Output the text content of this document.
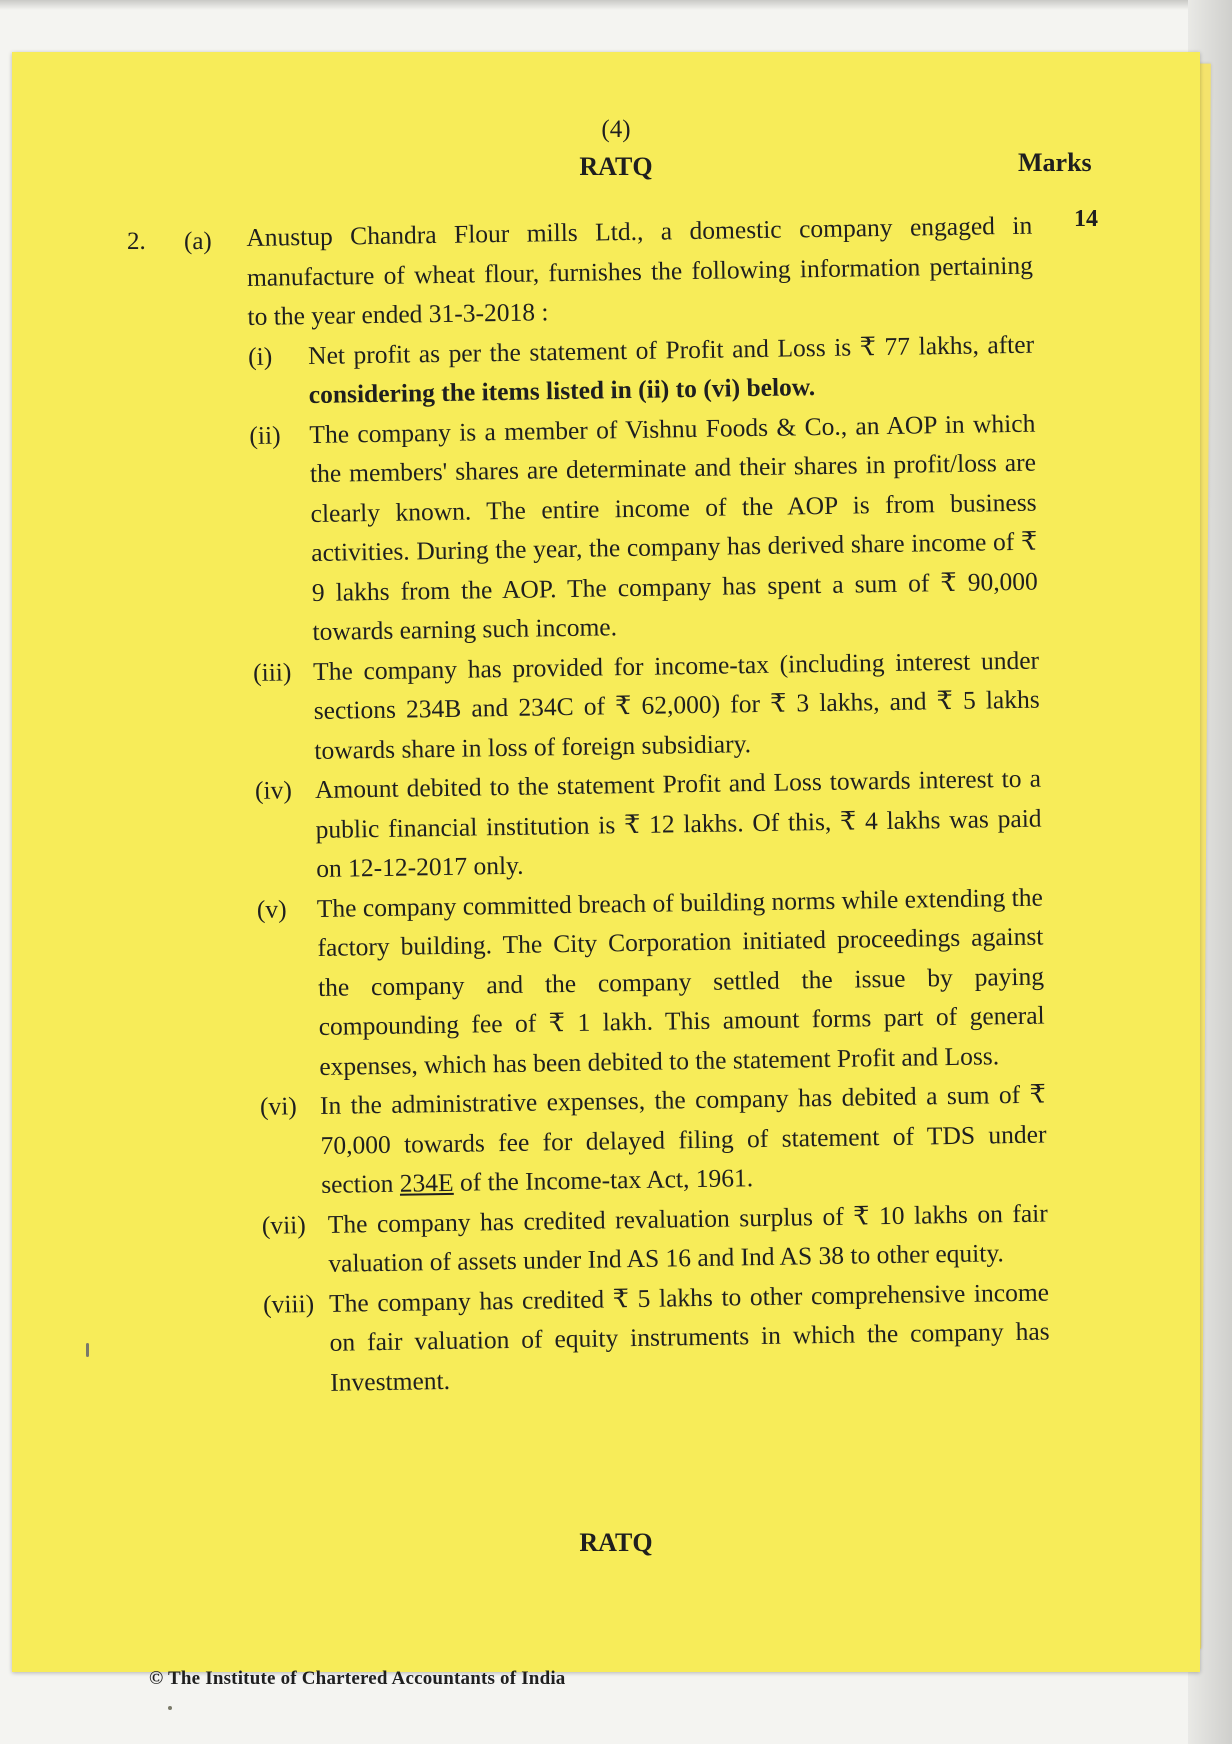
(4)
RATQ	Marks
14
2. (a) Anustup Chandra Flour mills Ltd., a domestic company engaged in manufacture of wheat flour, furnishes the following information pertaining to the year ended 31-3-2018 :

(i)	Net profit as per the statement of Profit and Loss is ₹ 77 lakhs, after considering the items listed in (ii) to (vi) below.
(ii)	The company is a member of Vishnu Foods & Co., an AOP in which the members' shares are determinate and their shares in profit/loss are clearly known. The entire income of the AOP is from business activities. During the year, the company has derived share income of ₹ 9 lakhs from the AOP. The company has spent a sum of ₹ 90,000 towards earning such income.
(iii) The company has provided for income-tax (including interest under sections 234B and 234C of ₹ 62,000) for ₹ 3 lakhs, and ₹ 5 lakhs towards share in loss of foreign subsidiary.
(iv) Amount debited to the statement Profit and Loss towards interest to a public financial institution is ₹ 12 lakhs. Of this, ₹ 4 lakhs was paid on 12-12-2017 only.
(v)	The company committed breach of building norms while extending the factory building. The City Corporation initiated proceedings against the company and the company settled the issue by paying compounding fee of ₹ 1 lakh. This amount forms part of general expenses, which has been debited to the statement Profit and Loss.
(vi) In the administrative expenses, the company has debited a sum of ₹ 70,000 towards fee for delayed filing of statement of TDS under section 234E of the Income-tax Act, 1961.
(vii) The company has credited revaluation surplus of ₹ 10 lakhs on fair valuation of assets under Ind AS 16 and Ind AS 38 to other equity.
(viii) The company has credited ₹ 5 lakhs to other comprehensive income on fair valuation of equity instruments in which the company has Investment.
RATQ
© The Institute of Chartered Accountants of India
